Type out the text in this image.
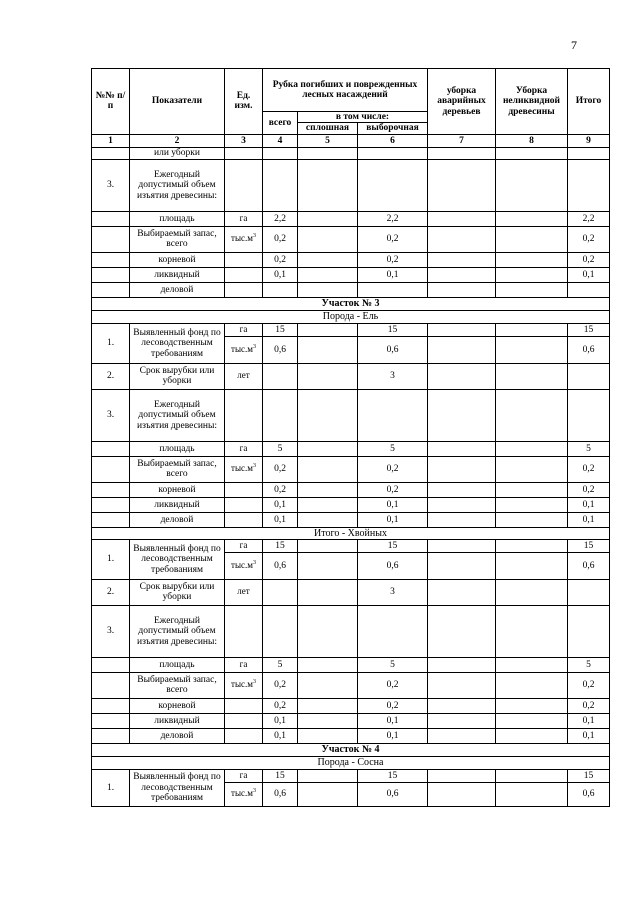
7
№№ п/п	Показатели	Ед. изм.	Рубка погибших и поврежденных лесных насаждений			уборка аварийных деревьев	Уборка неликвидной древесины	Итого
			всего	в том числе:				
				сплошная	выборочная			
1	2	3	4	5	6	7	8	9
	или уборки							
3.	Ежегодный допустимый объем изъятия древесины:							
	площадь	га	2,2		2,2			2,2
	Выбираемый запас, всего	$тыс.м^3$	0,2		0,2			0,2
	корневой		0,2		0,2			0,2
	ликвидный		0,1		0,1			0,1
	деловой							
Участок № 3								
Порода - Ель								
1.	Выявленный фонд по лесоводственным требованиям	га	15		15			15
		$тыс.м^3$	0,6		0,6			0,6

2.	Срок вырубки или уборки	лет			3			
3.	Ежегодный допустимый объем изъятия древесины:							
	площадь	га	5		5			5
	Выбираемый запас, всего	$тыс.м^3$	0,2		0,2			0,2
	корневой		0,2		0,2			0,2
	ликвидный		0,1		0,1			0,1
	деловой		0,1		0,1			0,1
Итого - Хвойных								
1.	Выявленный фонд по лесоводственным требованиям	га	15		15			15
		$тыс.м^3$	0,6		0,6			0,6

2.	Срок вырубки или уборки	лет			3			
3.	Ежегодный допустимый объем изъятия древесины:							
	площадь	га	5		5			5
	Выбираемый запас, всего	$тыс.м^3$	0,2		0,2			0,2
	корневой		0,2		0,2			0,2
	ликвидный		0,1		0,1			0,1
	деловой		0,1		0,1			0,1
Участок № 4								
Порода - Сосна								
1.	Выявленный фонд по лесоводственным требованиям	га	15		15			15
		$тыс.м^3$	0,6		0,6			0,6
